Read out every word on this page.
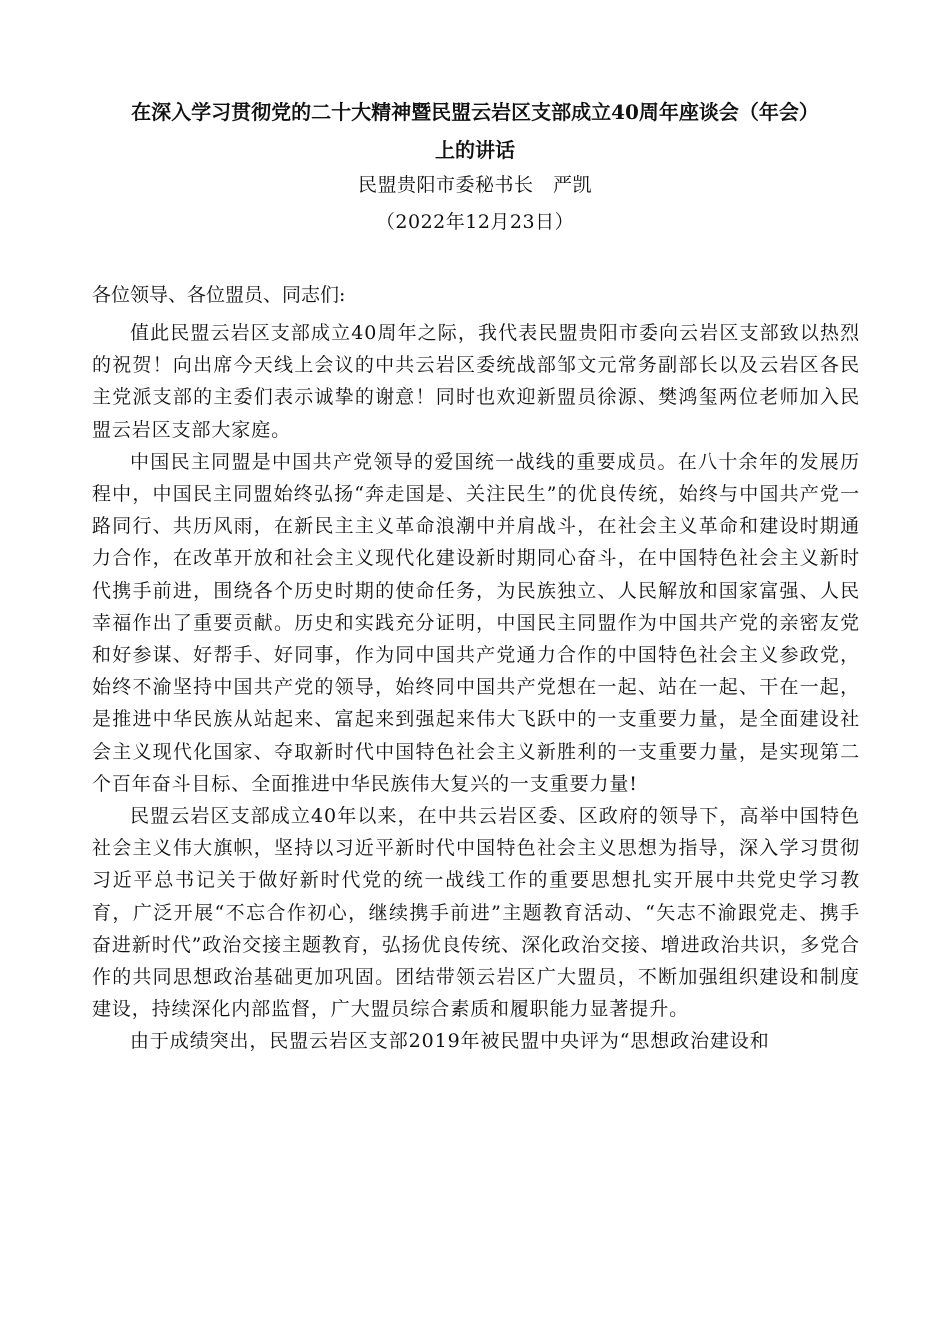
在深入学习贯彻党的二十大精神暨民盟云岩区支部成立40周年座谈会（年会）
上的讲话

民盟贵阳市委秘书长　严凯

（2022年12月23日）

各位领导、各位盟员、同志们:

值此民盟云岩区支部成立40周年之际，我代表民盟贵阳市委向云岩区支部致以热烈的祝贺！向出席今天线上会议的中共云岩区委统战部邹文元常务副部长以及云岩区各民主党派支部的主委们表示诚挚的谢意！同时也欢迎新盟员徐源、樊鸿玺两位老师加入民盟云岩区支部大家庭。

中国民主同盟是中国共产党领导的爱国统一战线的重要成员。在八十余年的发展历程中，中国民主同盟始终弘扬“奔走国是、关注民生”的优良传统，始终与中国共产党一路同行、共历风雨，在新民主主义革命浪潮中并肩战斗，在社会主义革命和建设时期通力合作，在改革开放和社会主义现代化建设新时期同心奋斗，在中国特色社会主义新时代携手前进，围绕各个历史时期的使命任务，为民族独立、人民解放和国家富强、人民幸福作出了重要贡献。历史和实践充分证明，中国民主同盟作为中国共产党的亲密友党和好参谋、好帮手、好同事，作为同中国共产党通力合作的中国特色社会主义参政党，始终不渝坚持中国共产党的领导，始终同中国共产党想在一起、站在一起、干在一起，是推进中华民族从站起来、富起来到强起来伟大飞跃中的一支重要力量，是全面建设社会主义现代化国家、夺取新时代中国特色社会主义新胜利的一支重要力量，是实现第二个百年奋斗目标、全面推进中华民族伟大复兴的一支重要力量!

民盟云岩区支部成立40年以来，在中共云岩区委、区政府的领导下，高举中国特色社会主义伟大旗帜，坚持以习近平新时代中国特色社会主义思想为指导，深入学习贯彻习近平总书记关于做好新时代党的统一战线工作的重要思想扎实开展中共党史学习教育，广泛开展“不忘合作初心，继续携手前进”主题教育活动、“矢志不渝跟党走、携手奋进新时代”政治交接主题教育，弘扬优良传统、深化政治交接、增进政治共识，多党合作的共同思想政治基础更加巩固。团结带领云岩区广大盟员，不断加强组织建设和制度建设，持续深化内部监督，广大盟员综合素质和履职能力显著提升。

由于成绩突出，民盟云岩区支部2019年被民盟中央评为“思想政治建设和
